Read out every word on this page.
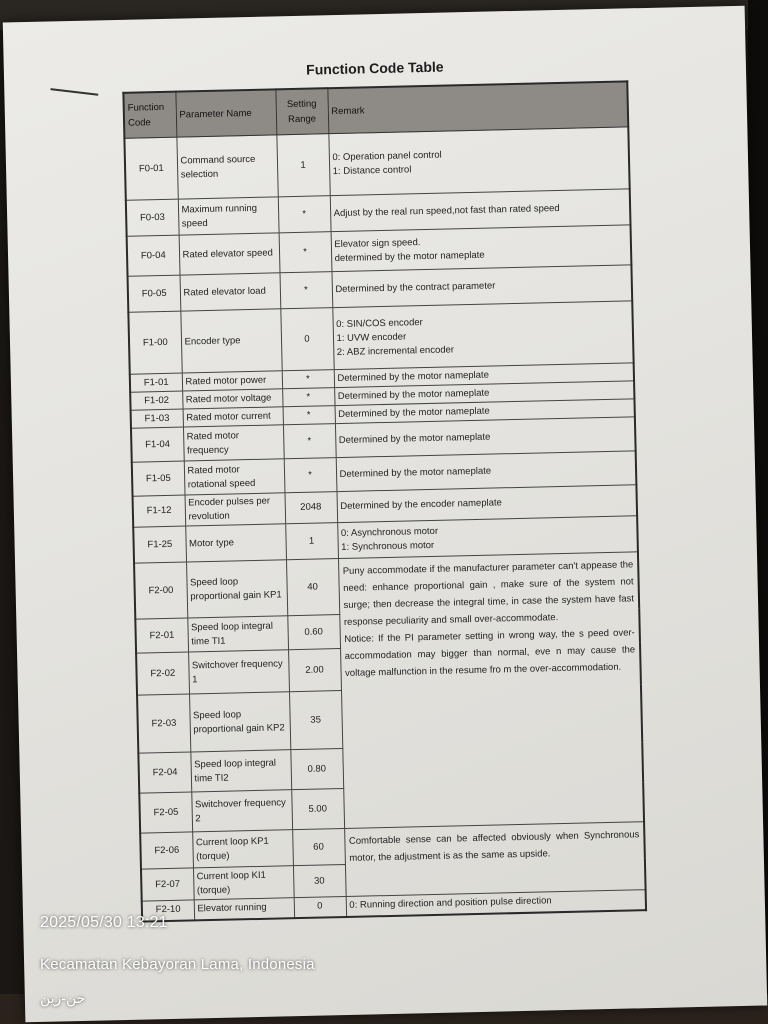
Function Code Table
Function Code	Parameter Name	Setting Range	Remark
F0-01	Command source selection	1	0: Operation panel control
1: Distance control

F0-03	Maximum running speed	*	Adjust by the real run speed,not fast than rated speed

F0-04	Rated elevator speed	*	Elevator sign speed.
determined by the motor nameplate

F0-05	Rated elevator load	*	Determined by the contract parameter

F1-00	Encoder type	0	0: SIN/COS encoder
1: UVW encoder
2: ABZ incremental encoder

F1-01	Rated motor power	*	Determined by the motor nameplate

F1-02	Rated motor voltage	*	Determined by the motor nameplate

F1-03	Rated motor current	*	Determined by the motor nameplate

F1-04	Rated motor frequency	*	Determined by the motor nameplate

F1-05	Rated motor rotational speed	*	Determined by the motor nameplate

F1-12	Encoder pulses per revolution	2048	Determined by the encoder nameplate

F1-25	Motor type	1	0: Asynchronous motor
1: Synchronous motor

F2-00	Speed loop proportional gain KP1	40	Puny accommodate if the manufacturer parameter can't appease the need: enhance proportional gain , make sure of the system not surge; then decrease the integral time, in case the system have fast response peculiarity and small over-accommodate.
Notice: If the PI parameter setting in wrong way, the s peed over-accommodation may bigger than normal, eve n may cause the voltage malfunction in the resume fro m the over-accommodation.

F2-01	Speed loop integral time TI1	0.60	
F2-02	Switchover frequency 1	2.00	
F2-03	Speed loop proportional gain KP2	35	
F2-04	Speed loop integral time TI2	0.80	
F2-05	Switchover frequency 2	5.00	
F2-06	Current loop KP1 (torque)	60	Comfortable sense can be affected obviously when Synchronous motor, the adjustment is as the same as upside.
F2-07	Current loop KI1 (torque)	30	
F2-10	Elevator running	0	0: Running direction and position pulse direction
2025/05/30 13:21
Kecamatan Kebayoran Lama, Indonesia
حن-زين
